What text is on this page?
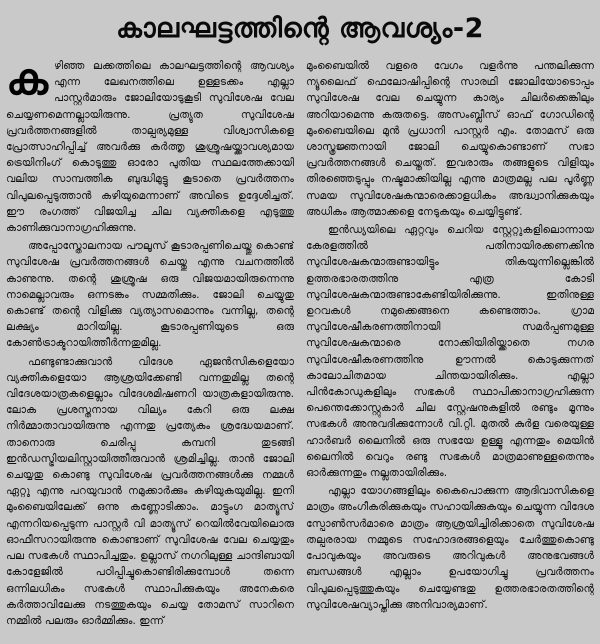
കാലഘട്ടത്തിന്റെ ആവശ്യം-2

കഴിഞ്ഞ ലക്കത്തിലെ കാലഘട്ടത്തിന്റെ ആവശ്യം എന്ന ലേഖനത്തിലെ ഉള്ളടക്കം എല്ലാ പാസ്റ്റർമാരും ജോലിയോടുകൂടി സുവിശേഷ വേല ചെയ്യണമെന്നല്ലായിരുന്നു. പ്രത്യുത സുവിശേഷ പ്രവർത്തനങ്ങളിൽ താല്പര്യമുള്ള വിശ്വാസികളെ പ്രോത്സാഹിപ്പിച്ച് അവർക്കു കർത്തൃ ശുശ്രൂഷയ്ക്കാവശ്യമായ ട്രെയിനിംഗ് കൊടുത്തു ഓരോ പുതിയ സ്ഥലത്തേക്കായി വലിയ സാമ്പത്തിക ബുദ്ധിമുട്ടു കൂടാതെ പ്രവർത്തനം വിപുലപ്പെടുത്താൻ കഴിയുമെന്നാണ് അവിടെ ഉദ്ദേശിച്ചത്. ഈ രംഗത്ത് വിജയിച്ച ചില വ്യക്തികളെ എടുത്തു കാണിക്കുവാനാഗ്രഹിക്കുന്നു.

അപ്പോസ്തോലനായ പൗലൂസ് കൂടാരപ്പണിചെയ്തു കൊണ്ട് സുവിശേഷ പ്രവർത്തനങ്ങൾ ചെയ്തു എന്നു വചനത്തിൽ കാണുന്നു. തന്റെ ശുശ്രൂഷ ഒരു വിജയമായിരുന്നെന്നു നാമെല്ലാവരും ഒന്നടങ്കം സമ്മതിക്കും. ജോലി ചെയ്യുതു കൊണ്ട് തന്റെ വിളിക്കു വ്യത്യാസമൊന്നും വന്നില്ല, തന്റെ ലക്ഷ്യം മാറിയില്ല. കൂടാരപ്പണിയുടെ ഒരു കോൺട്രാക്ടറായിത്തീർന്നതുമില്ല.

ഫണ്ടുണ്ടാക്കുവാൻ വിദേശ ഏജൻസികളെയോ വ്യക്തികളെയോ ആശ്രയിക്കേണ്ടി വന്നതുമില്ല തന്റെ വിദേശയാത്രകളെല്ലാം വിദേശമിഷണറി യാത്രകളായിരുന്നു. ലോക പ്രശസ്തനായ വില്യം കേറി ഒരു ലക്ഷ നിർമ്മാതാവായിരുന്നു എന്നതു പ്രത്യേകം ശ്രദ്ധേയമാണ്. താനൊരു ചെരിപ്പു കമ്പനി തുടങ്ങി ഇൻഡസ്ട്രിയലിസ്റ്റായിത്തീരുവാൻ ശ്രമിച്ചില്ല. താൻ ജോലി ചെയ്യതു കൊണ്ടു സുവിശേഷ പ്രവർത്തനങ്ങൾക്കു നമ്മൾ ഏറ്റു എന്നു പറയുവാൻ നമുക്കാർക്കും കഴിയുകയുമില്ല. ഇനി മുംബൈയിലേക്ക് ഒന്നു കണ്ണോടിക്കാം. മാട്ടുംഗ മാത്യൂസ് എന്നറിയപ്പെടുന്ന പാസ്റ്റർ വി മാത്യൂസ് റെയിൽവേയിലൊരു ഓഫീസറായിരുന്നു കൊണ്ടാണ് സുവിശേഷ വേല ചെയ്യതും പല സഭകൾ സ്ഥാപിച്ചതും. ഉല്ലാസ് നഗറിലുള്ള ചാന്ദിബായി കോളേജിൽ പഠിപ്പിച്ചുകൊണ്ടിരിക്കുമ്പോൾ തന്നെ ഒന്നിലധികം സഭകൾ സ്ഥാപിക്കുകയും അനേകരെ കർത്താവിലേക്കു നടത്തുകയും ചെയ്യ തോമസ് സാറിനെ നമ്മിൽ പലരും ഓർമ്മിക്കും. ഇന്ന്

മുംബൈയിൽ വളരെ വേഗം വളർന്നു പന്തലിക്കുന്ന ന്യൂലൈഫ് ഫെലോഷിപ്പിന്റെ സാരഥി ജോലിയോടൊപ്പം സുവിശേഷ വേല ചെയ്യുന്ന കാര്യം ചിലർക്കെങ്കിലും അറിയാമെന്നു കരുതട്ടെ. അസംബ്ലീസ് ഓഫ് ഗോഡിന്റെ മുംബൈയിലെ മുൻ പ്രധാനി പാസ്റ്റർ എം. തോമസ് ഒരു ശാസ്ത്രജ്ഞനായി ജോലി ചെയ്യുകൊണ്ടാണ് സഭാ പ്രവർത്തനങ്ങൾ ചെയ്തത്. ഇവരാരും തങ്ങളുടെ വിളിയും തിരഞ്ഞെടുപ്പും നഷ്ടമാക്കിയില്ല എന്നു മാത്രമല്ല പല പൂർണ്ണ സമയ സുവിശേഷകന്മാരെക്കാളധികം അദ്ധ്വാനിക്കുകയും അധികം ആത്മാക്കളെ നേടുകയും ചെയ്യിട്ടുണ്ട്.

ഇൻഡ്യയിലെ ഏറ്റവും ചെറിയ സ്റ്റേറ്റുകളിലൊന്നായ കേരളത്തിൽ പതിനായിരക്കണക്കിനു സുവിശേഷകന്മാരുണ്ടായിട്ടും തികയുന്നില്ലെങ്കിൽ ഉത്തരഭാരതത്തിനു എത്ര കോടി സുവിശേഷകന്മാരുണ്ടാകേണ്ടിയിരിക്കുന്നു. ഇതിനുള്ള ഉറവകൾ നമുക്കെങ്ങനെ കണ്ടെത്താം. ഗ്രാമ സുവിശേഷീകരണത്തിനായി സമർപ്പണമുള്ള സുവിശേഷകന്മാരെ നോക്കിയിരിയ്ക്കാതെ നഗര സുവിശേഷീകരണത്തിനു ഊന്നൽ കൊടുക്കുന്നത് കാലോചിതമായ ചിന്തയായിരിക്കും. എല്ലാ പിൻകോഡുകളിലും സഭകൾ സ്ഥാപിക്കാനാഗ്രഹിക്കുന്ന പെന്തെക്കോസ്റ്റുകാർ ചില സ്റ്റേഷനുകളിൽ രണ്ടും മൂന്നും സഭകൾ അനുവദിക്കുന്നോൾ വി.റ്റി. മുതൽ കുർള വരെയുള്ള ഹാർബർ ലൈനിൽ ഒരു സഭയേ ഉള്ളൂ എന്നതും മെയിൻ ലൈനിൽ വെറും രണ്ടു സഭകൾ മാത്രമാണുള്ളതെന്നും ഓർക്കുന്നതും നല്ലതായിരിക്കും.

എല്ലാ യോഗങ്ങളിലും കൈപൊക്കുന്ന ആദിവാസികളെ മാത്രം അംഗീകരിക്കുകയും സഹായിക്കുകയും ചെയ്യുന്ന വിദേശ സ്പോൺസർമാരെ മാത്രം ആശ്രയിച്ചിരിക്കാതെ സുവിശേഷ തല്പരരായ നമ്മുടെ സഹോദരങ്ങളെയും ചേർത്തുകൊണ്ടു പോവുകയും അവരുടെ അറിവുകൾ അനുഭവങ്ങൾ ബന്ധങ്ങൾ എല്ലാം ഉപയോഗിച്ചു പ്രവർത്തനം വിപുലപ്പെടുത്തുകയും ചെയ്യേണ്ടതു ഉത്തരഭാരതത്തിന്റെ സുവിശേഷവ്യാപ്തിക്കു അനിവാര്യമാണ്.
